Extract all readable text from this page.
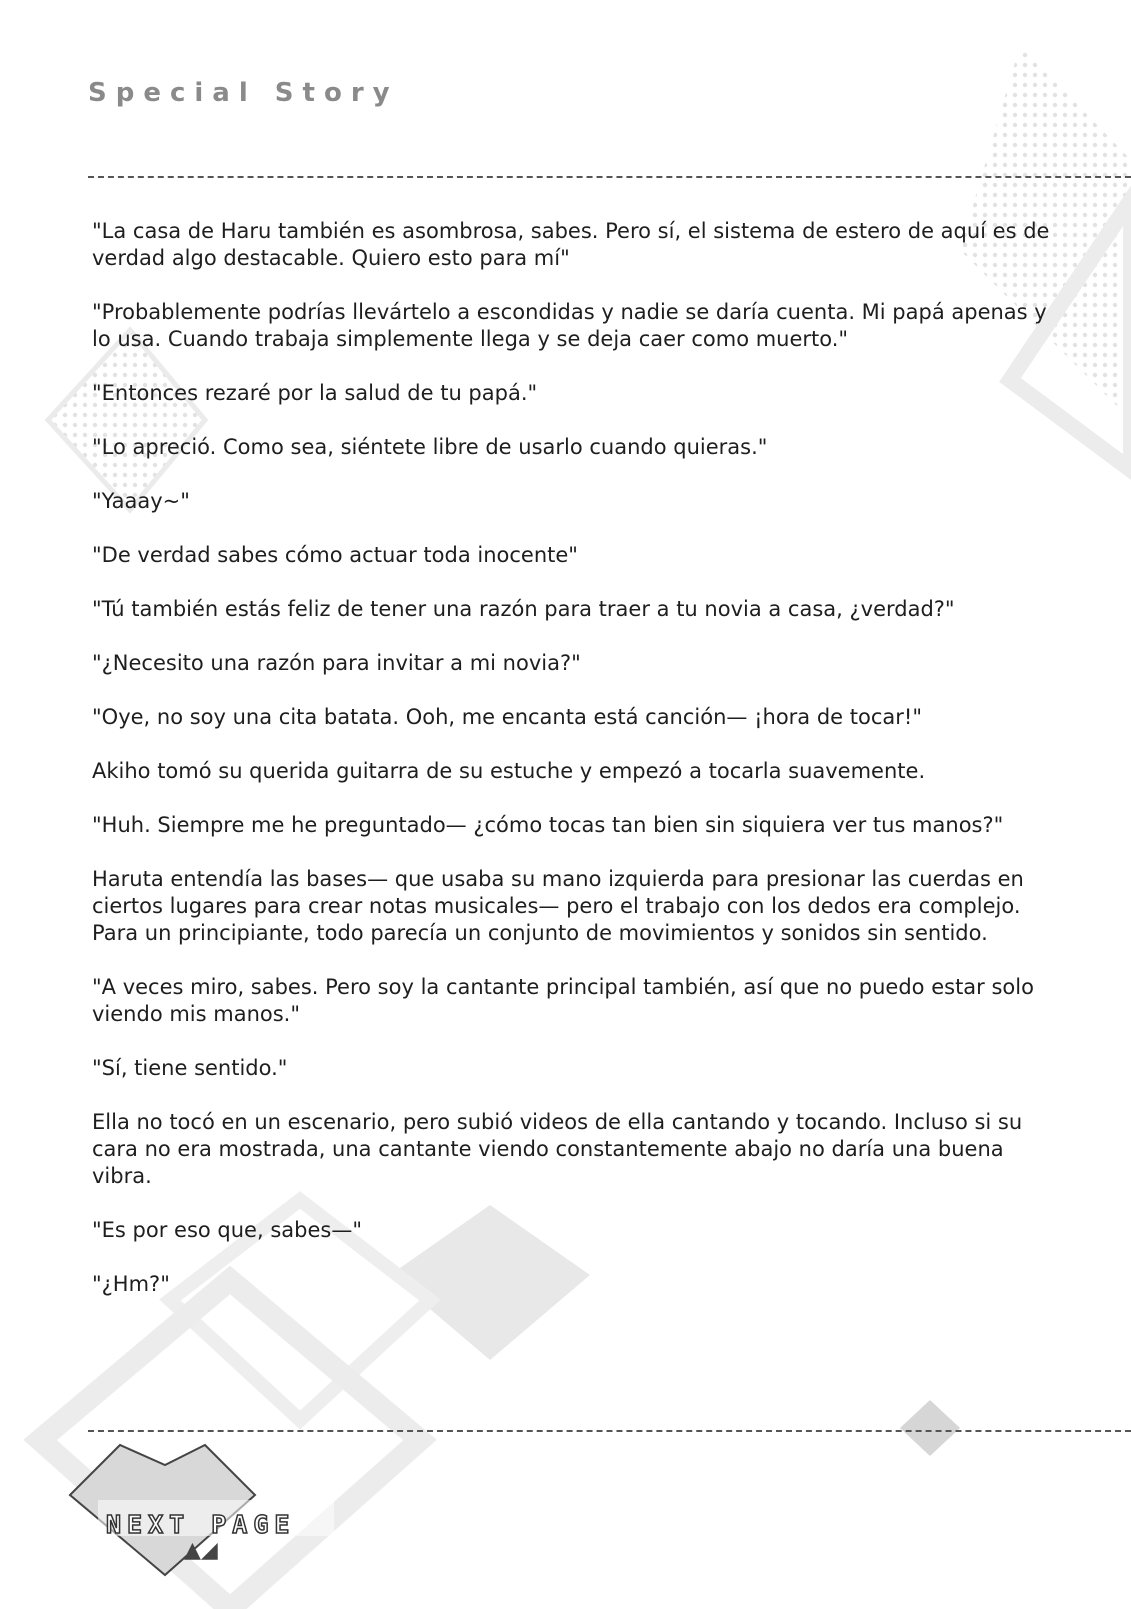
Special Story

"La casa de Haru también es asombrosa, sabes. Pero sí, el sistema de estero de aquí es de verdad algo destacable. Quiero esto para mí"

"Probablemente podrías llevártelo a escondidas y nadie se daría cuenta. Mi papá apenas y lo usa. Cuando trabaja simplemente llega y se deja caer como muerto."

"Entonces rezaré por la salud de tu papá."

"Lo apreció. Como sea, siéntete libre de usarlo cuando quieras."

"Yaaay~"

"De verdad sabes cómo actuar toda inocente"

"Tú también estás feliz de tener una razón para traer a tu novia a casa, ¿verdad?"

"¿Necesito una razón para invitar a mi novia?"

"Oye, no soy una cita batata. Ooh, me encanta está canción— ¡hora de tocar!"

Akiho tomó su querida guitarra de su estuche y empezó a tocarla suavemente.

"Huh. Siempre me he preguntado— ¿cómo tocas tan bien sin siquiera ver tus manos?"

Haruta entendía las bases— que usaba su mano izquierda para presionar las cuerdas en ciertos lugares para crear notas musicales— pero el trabajo con los dedos era complejo. Para un principiante, todo parecía un conjunto de movimientos y sonidos sin sentido.

"A veces miro, sabes. Pero soy la cantante principal también, así que no puedo estar solo viendo mis manos."

"Sí, tiene sentido."

Ella no tocó en un escenario, pero subió videos de ella cantando y tocando. Incluso si su cara no era mostrada, una cantante viendo constantemente abajo no daría una buena vibra.

"Es por eso que, sabes—"

"¿Hm?"

NEXT PAGE
▲◢
